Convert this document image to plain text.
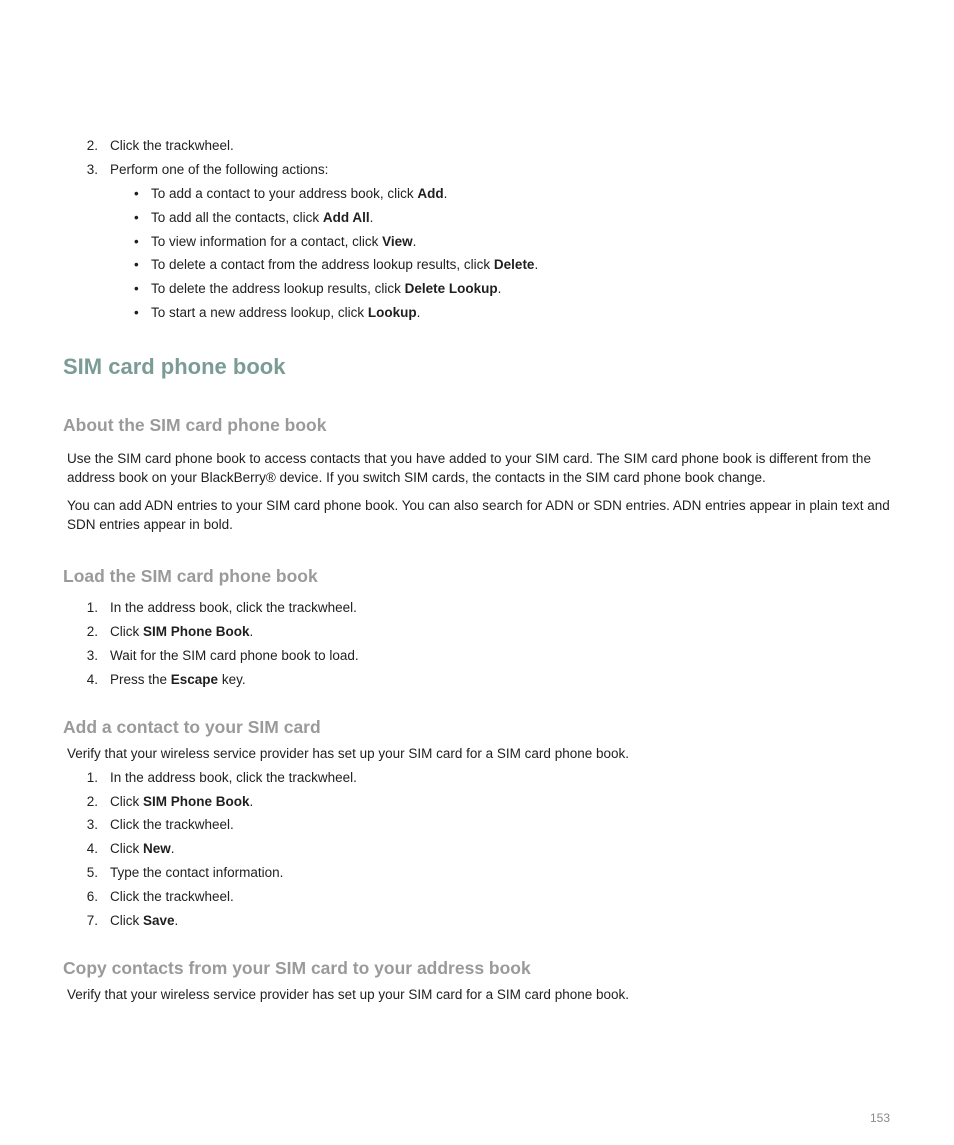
2. Click the trackwheel.
3. Perform one of the following actions:
• To add a contact to your address book, click Add.
• To add all the contacts, click Add All.
• To view information for a contact, click View.
• To delete a contact from the address lookup results, click Delete.
• To delete the address lookup results, click Delete Lookup.
• To start a new address lookup, click Lookup.
SIM card phone book
About the SIM card phone book
Use the SIM card phone book to access contacts that you have added to your SIM card. The SIM card phone book is different from the address book on your BlackBerry® device. If you switch SIM cards, the contacts in the SIM card phone book change.
You can add ADN entries to your SIM card phone book. You can also search for ADN or SDN entries. ADN entries appear in plain text and SDN entries appear in bold.
Load the SIM card phone book
1. In the address book, click the trackwheel.
2. Click SIM Phone Book.
3. Wait for the SIM card phone book to load.
4. Press the Escape key.
Add a contact to your SIM card
Verify that your wireless service provider has set up your SIM card for a SIM card phone book.
1. In the address book, click the trackwheel.
2. Click SIM Phone Book.
3. Click the trackwheel.
4. Click New.
5. Type the contact information.
6. Click the trackwheel.
7. Click Save.
Copy contacts from your SIM card to your address book
Verify that your wireless service provider has set up your SIM card for a SIM card phone book.
153
